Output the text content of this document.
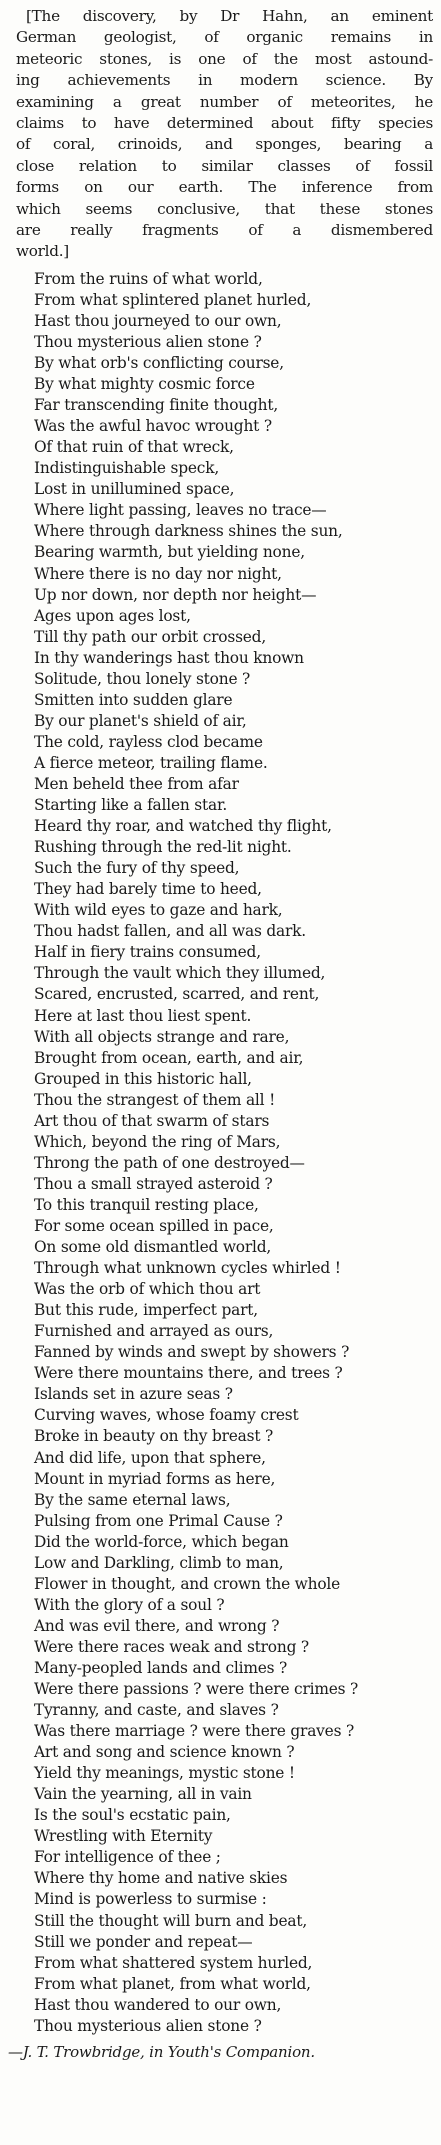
[The discovery, by Dr Hahn, an eminent
German geologist, of organic remains in
meteoric stones, is one of the most astound-
ing achievements in modern science. By
examining a great number of meteorites, he
claims to have determined about fifty species
of coral, crinoids, and sponges, bearing a
close relation to similar classes of fossil
forms on our earth. The inference from
which seems conclusive, that these stones
are really fragments of a dismembered
world.]
From the ruins of what world,
From what splintered planet hurled,
Hast thou journeyed to our own,
Thou mysterious alien stone ?
By what orb's conflicting course,
By what mighty cosmic force
Far transcending finite thought,
Was the awful havoc wrought ?
Of that ruin of that wreck,
Indistinguishable speck,
Lost in unillumined space,
Where light passing, leaves no trace—
Where through darkness shines the sun,
Bearing warmth, but yielding none,
Where there is no day nor night,
Up nor down, nor depth nor height—
Ages upon ages lost,
Till thy path our orbit crossed,
In thy wanderings hast thou known
Solitude, thou lonely stone ?
Smitten into sudden glare
By our planet's shield of air,
The cold, rayless clod became
A fierce meteor, trailing flame.
Men beheld thee from afar
Starting like a fallen star.
Heard thy roar, and watched thy flight,
Rushing through the red-lit night.
Such the fury of thy speed,
They had barely time to heed,
With wild eyes to gaze and hark,
Thou hadst fallen, and all was dark.
Half in fiery trains consumed,
Through the vault which they illumed,
Scared, encrusted, scarred, and rent,
Here at last thou liest spent.
With all objects strange and rare,
Brought from ocean, earth, and air,
Grouped in this historic hall,
Thou the strangest of them all !
Art thou of that swarm of stars
Which, beyond the ring of Mars,
Throng the path of one destroyed—
Thou a small strayed asteroid ?
To this tranquil resting place,
For some ocean spilled in pace,
On some old dismantled world,
Through what unknown cycles whirled !
Was the orb of which thou art
But this rude, imperfect part,
Furnished and arrayed as ours,
Fanned by winds and swept by showers ?
Were there mountains there, and trees ?
Islands set in azure seas ?
Curving waves, whose foamy crest
Broke in beauty on thy breast ?
And did life, upon that sphere,
Mount in myriad forms as here,
By the same eternal laws,
Pulsing from one Primal Cause ?
Did the world-force, which began
Low and Darkling, climb to man,
Flower in thought, and crown the whole
With the glory of a soul ?
And was evil there, and wrong ?
Were there races weak and strong ?
Many-peopled lands and climes ?
Were there passions ? were there crimes ?
Tyranny, and caste, and slaves ?
Was there marriage ? were there graves ?
Art and song and science known ?
Yield thy meanings, mystic stone !
Vain the yearning, all in vain
Is the soul's ecstatic pain,
Wrestling with Eternity
For intelligence of thee ;
Where thy home and native skies
Mind is powerless to surmise :
Still the thought will burn and beat,
Still we ponder and repeat—
From what shattered system hurled,
From what planet, from what world,
Hast thou wandered to our own,
Thou mysterious alien stone ?
—J. T. Trowbridge, in Youth's Companion.
